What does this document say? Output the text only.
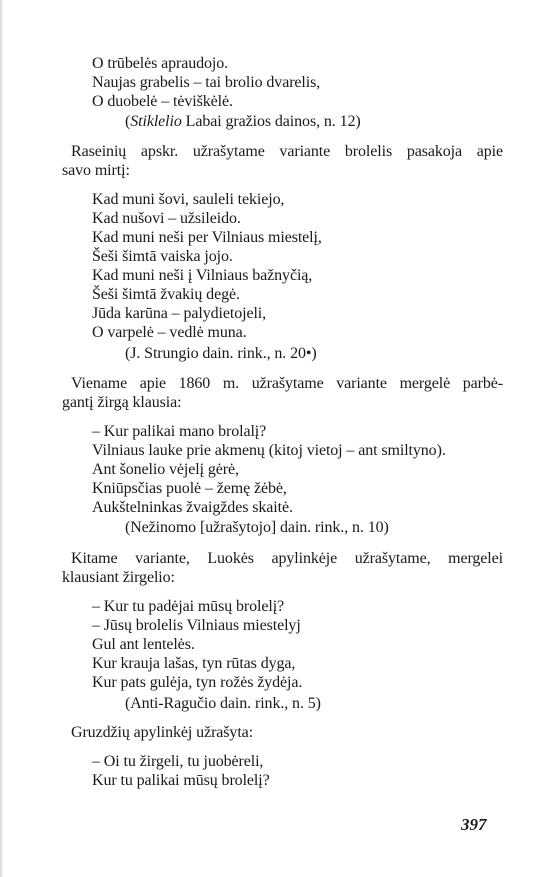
O trūbelės apraudojo.
Naujas grabelis – tai brolio dvarelis,
O duobelė – tėviškėlė.
(Stiklelio Labai gražios dainos, n. 12)
Raseinių apskr. užrašytame variante brolelis pasakoja apie
savo mirtį:
Kad muni šovi, sauleli tekiejo,
Kad nušovi – užsileido.
Kad muni neši per Vilniaus miestelį,
Šeši šimtā vaiska jojo.
Kad muni neši į Vilniaus bažnyčią,
Šeši šimtā žvakių degė.
Jūda karūna – palydietojeli,
O varpelė – vedlė muna.
(J. Strungio dain. rink., n. 20•)
Viename apie 1860 m. užrašytame variante mergelė parbė-
gantį žirgą klausia:
– Kur palikai mano brolalį?
Vilniaus lauke prie akmenų (kitoj vietoj – ant smiltyno).
Ant šonelio vėjelį gėrė,
Kniūpsčias puolė – žemę žėbė,
Aukštelninkas žvaigždes skaitė.
(Nežinomo [užrašytojo] dain. rink., n. 10)
Kitame variante, Luokės apylinkėje užrašytame, mergelei
klausiant žirgelio:
– Kur tu padėjai mūsų brolelį?
– Jūsų brolelis Vilniaus miestelyj
Gul ant lentelės.
Kur krauja lašas, tyn rūtas dyga,
Kur pats gulėja, tyn rožės žydėja.
(Anti-Ragučio dain. rink., n. 5)
Gruzdžių apylinkėj užrašyta:
– Oi tu žirgeli, tu juobėreli,
Kur tu palikai mūsų brolelį?
397
